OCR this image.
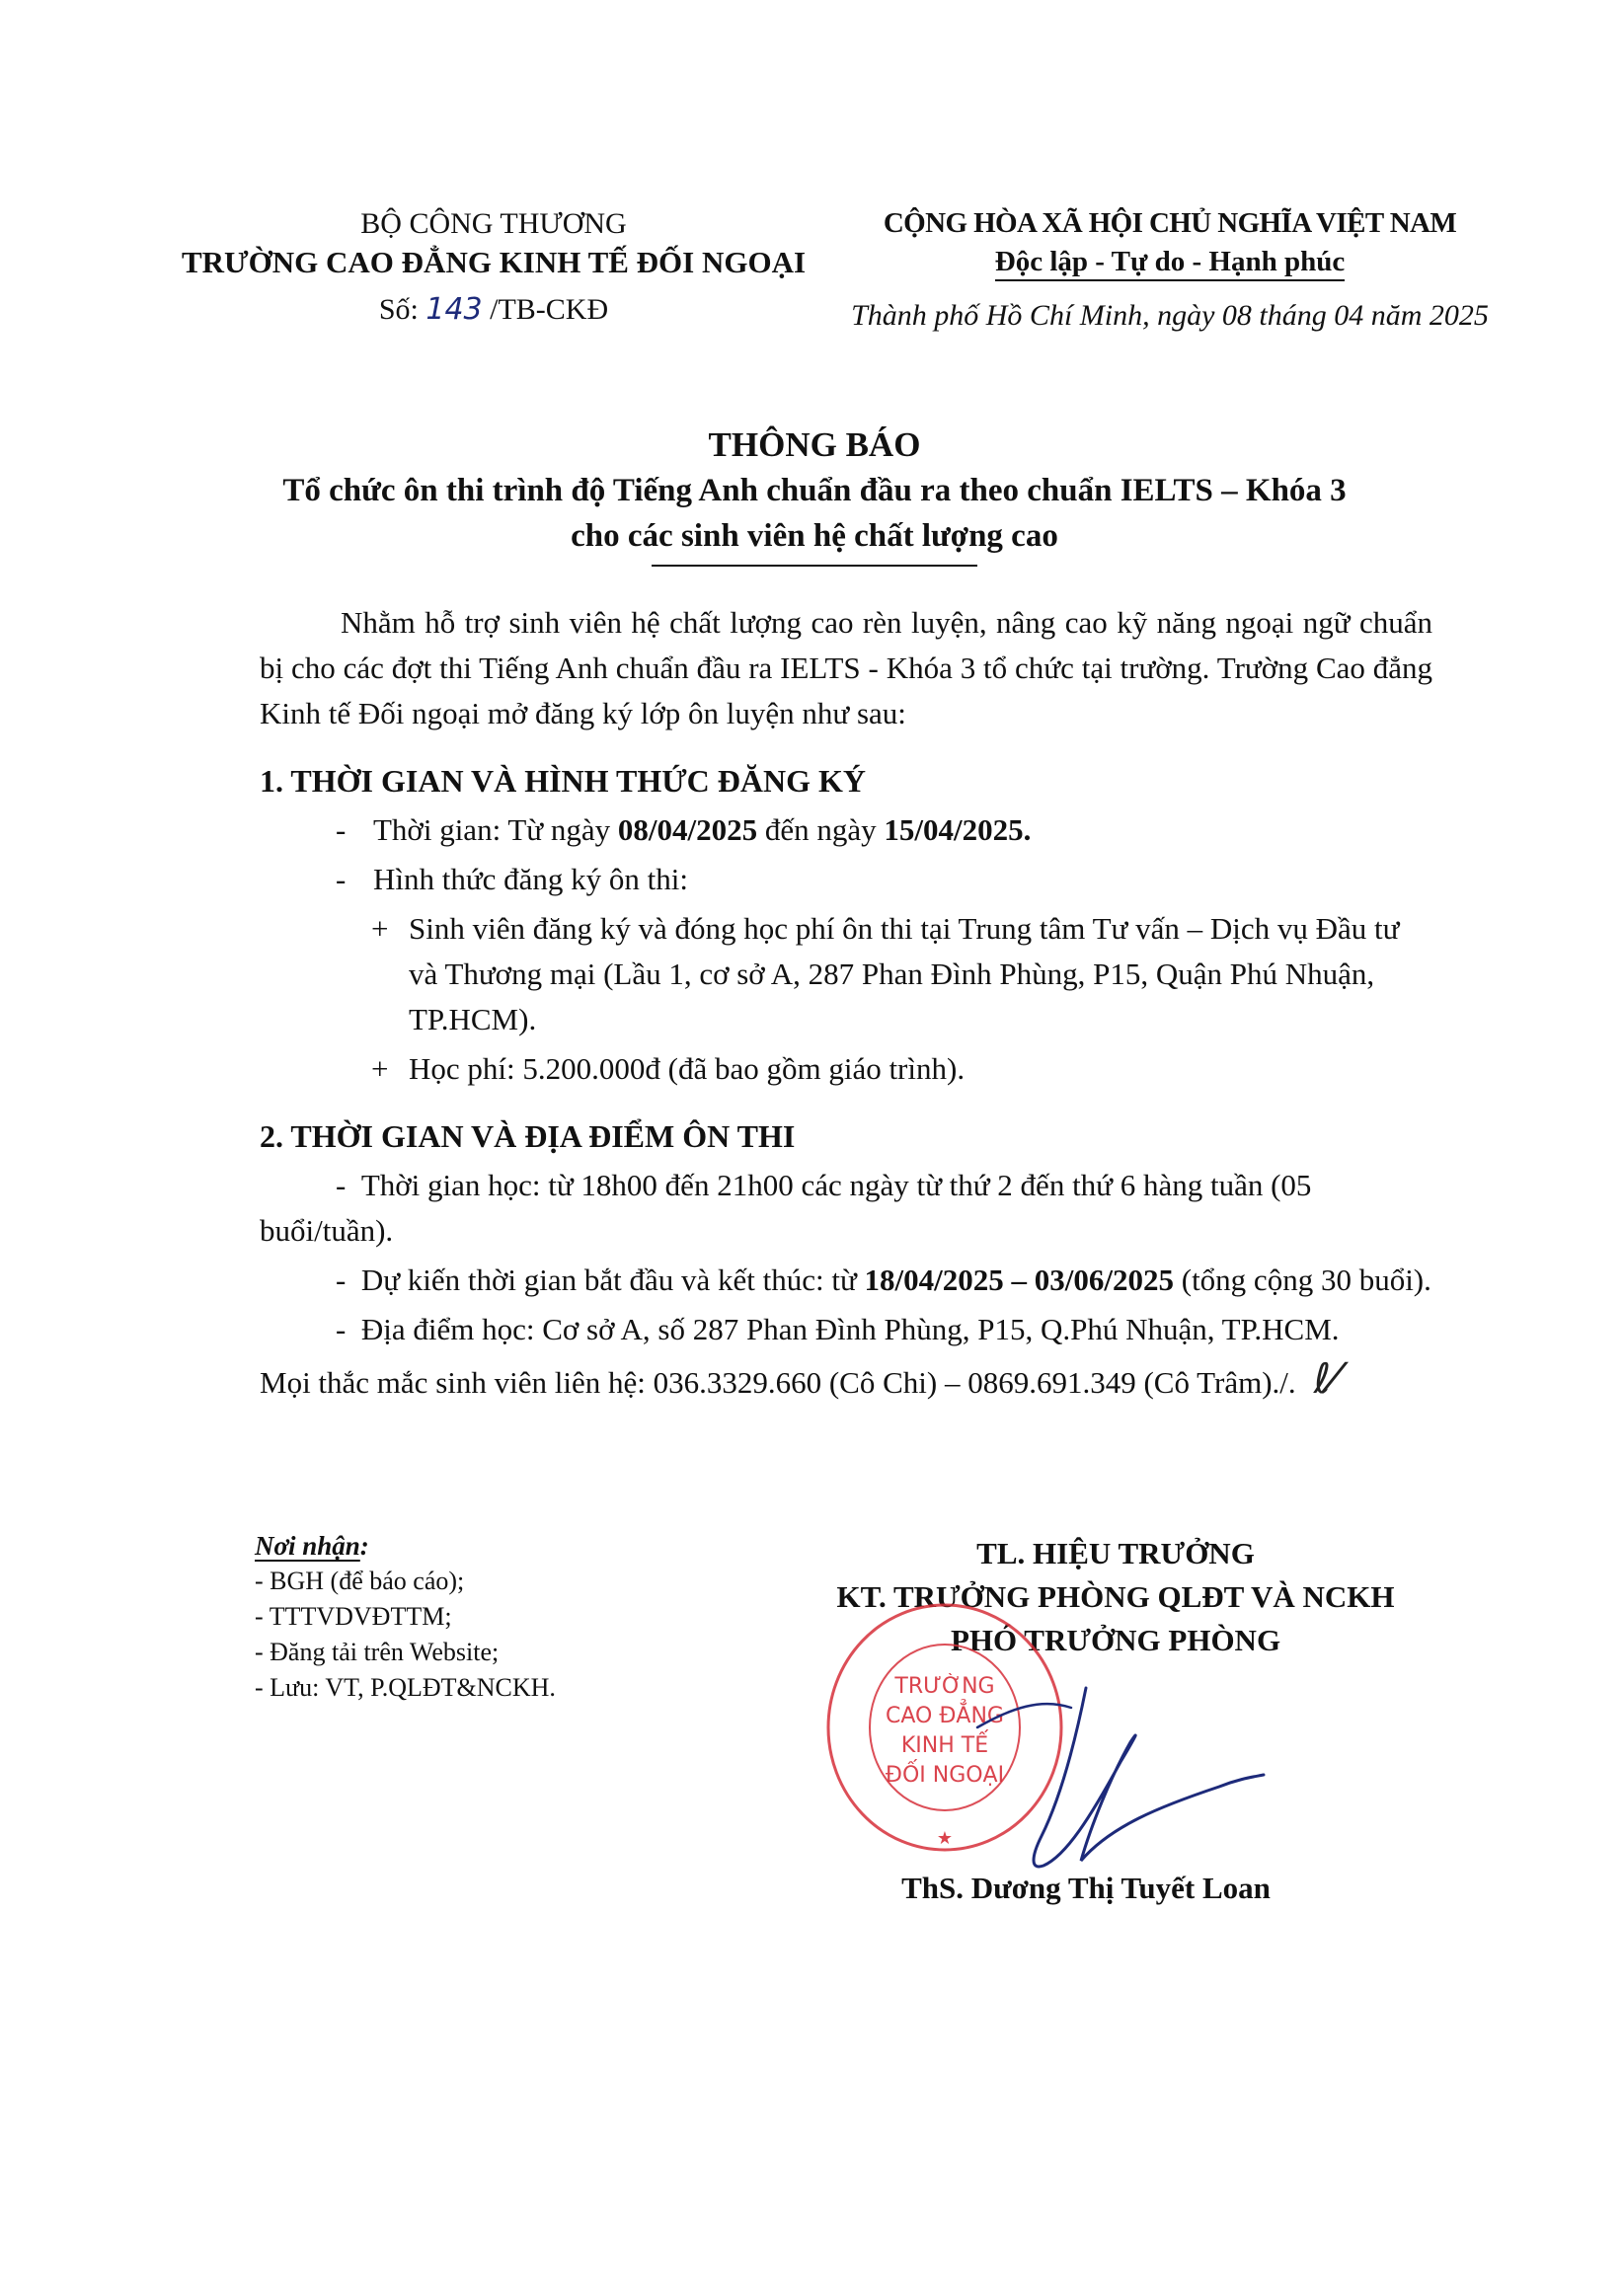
BỘ CÔNG THƯƠNG
TRƯỜNG CAO ĐẲNG KINH TẾ ĐỐI NGOẠI
Số: 143 /TB-CKĐ
CỘNG HÒA XÃ HỘI CHỦ NGHĨA VIỆT NAM
Độc lập - Tự do - Hạnh phúc
Thành phố Hồ Chí Minh, ngày 08 tháng 04 năm 2025
THÔNG BÁO
Tổ chức ôn thi trình độ Tiếng Anh chuẩn đầu ra theo chuẩn IELTS – Khóa 3
cho các sinh viên hệ chất lượng cao

Nhằm hỗ trợ sinh viên hệ chất lượng cao rèn luyện, nâng cao kỹ năng ngoại ngữ chuẩn bị cho các đợt thi Tiếng Anh chuẩn đầu ra IELTS - Khóa 3 tổ chức tại trường. Trường Cao đẳng Kinh tế Đối ngoại mở đăng ký lớp ôn luyện như sau:

1. THỜI GIAN VÀ HÌNH THỨC ĐĂNG KÝ
- Thời gian: Từ ngày 08/04/2025 đến ngày 15/04/2025.
- Hình thức đăng ký ôn thi:
+ Sinh viên đăng ký và đóng học phí ôn thi tại Trung tâm Tư vấn – Dịch vụ Đầu tư và Thương mại (Lầu 1, cơ sở A, 287 Phan Đình Phùng, P15, Quận Phú Nhuận, TP.HCM).
+ Học phí: 5.200.000đ (đã bao gồm giáo trình).
2. THỜI GIAN VÀ ĐỊA ĐIỂM ÔN THI

-  Thời gian học: từ 18h00 đến 21h00 các ngày từ thứ 2 đến thứ 6 hàng tuần (05 buổi/tuần).

-  Dự kiến thời gian bắt đầu và kết thúc: từ 18/04/2025 – 03/06/2025 (tổng cộng 30 buổi).

-  Địa điểm học: Cơ sở A, số 287 Phan Đình Phùng, P15, Q.Phú Nhuận, TP.HCM.

Mọi thắc mắc sinh viên liên hệ: 036.3329.660 (Cô Chi) – 0869.691.349 (Cô Trâm)./. ℓ⁄

Nơi nhận:
- BGH (để báo cáo);
- TTTVDVĐTTM;
- Đăng tải trên Website;
- Lưu: VT, P.QLĐT&NCKH.
TL. HIỆU TRƯỞNG
KT. TRƯỞNG PHÒNG QLĐT VÀ NCKH
PHÓ TRƯỞNG PHÒNG
TRƯỜNG
CAO ĐẲNG
KINH TẾ
ĐỐI NGOẠI
★
ThS. Dương Thị Tuyết Loan
